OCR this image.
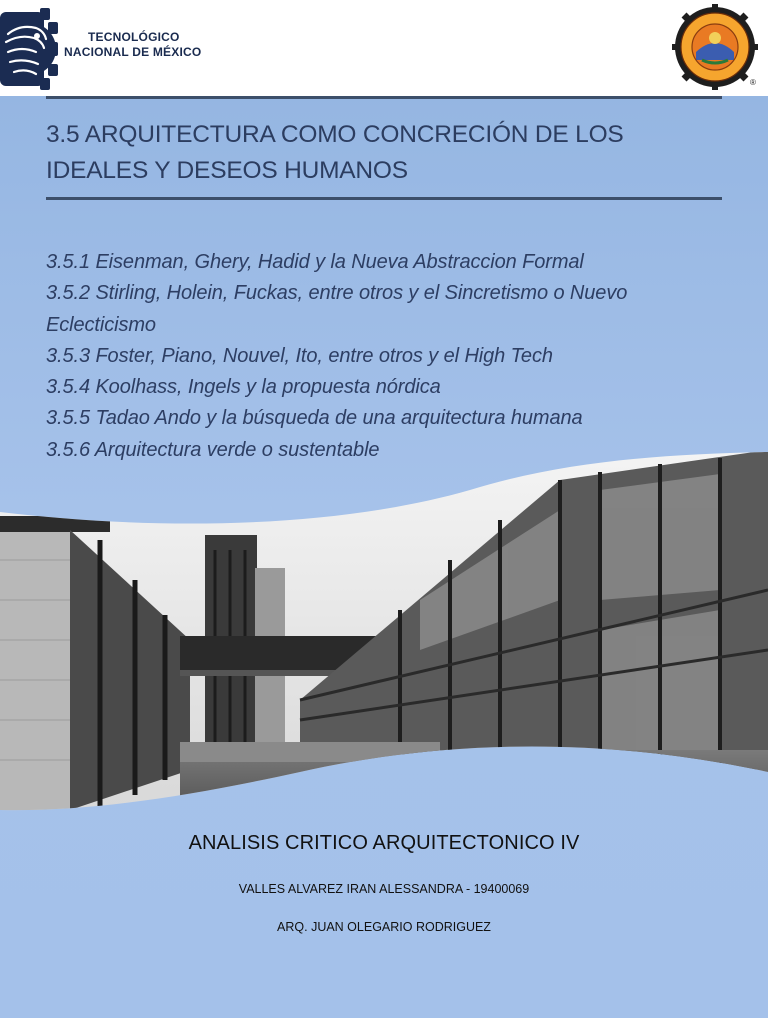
TECNOLÓGICO
NACIONAL DE MÉXICO
®
3.5 ARQUITECTURA COMO CONCRECIÓN DE LOS
IDEALES Y DESEOS HUMANOS
3.5.1 Eisenman, Ghery, Hadid y la Nueva Abstraccion Formal
3.5.2 Stirling, Holein, Fuckas, entre otros y el Sincretismo o Nuevo
Eclecticismo
3.5.3 Foster, Piano, Nouvel, Ito, entre otros y el High Tech
3.5.4 Koolhass, Ingels y la propuesta nórdica
3.5.5 Tadao Ando y la búsqueda de una arquitectura humana
3.5.6 Arquitectura verde o sustentable
ANALISIS CRITICO ARQUITECTONICO IV
VALLES ALVAREZ IRAN ALESSANDRA - 19400069
ARQ. JUAN OLEGARIO RODRIGUEZ
